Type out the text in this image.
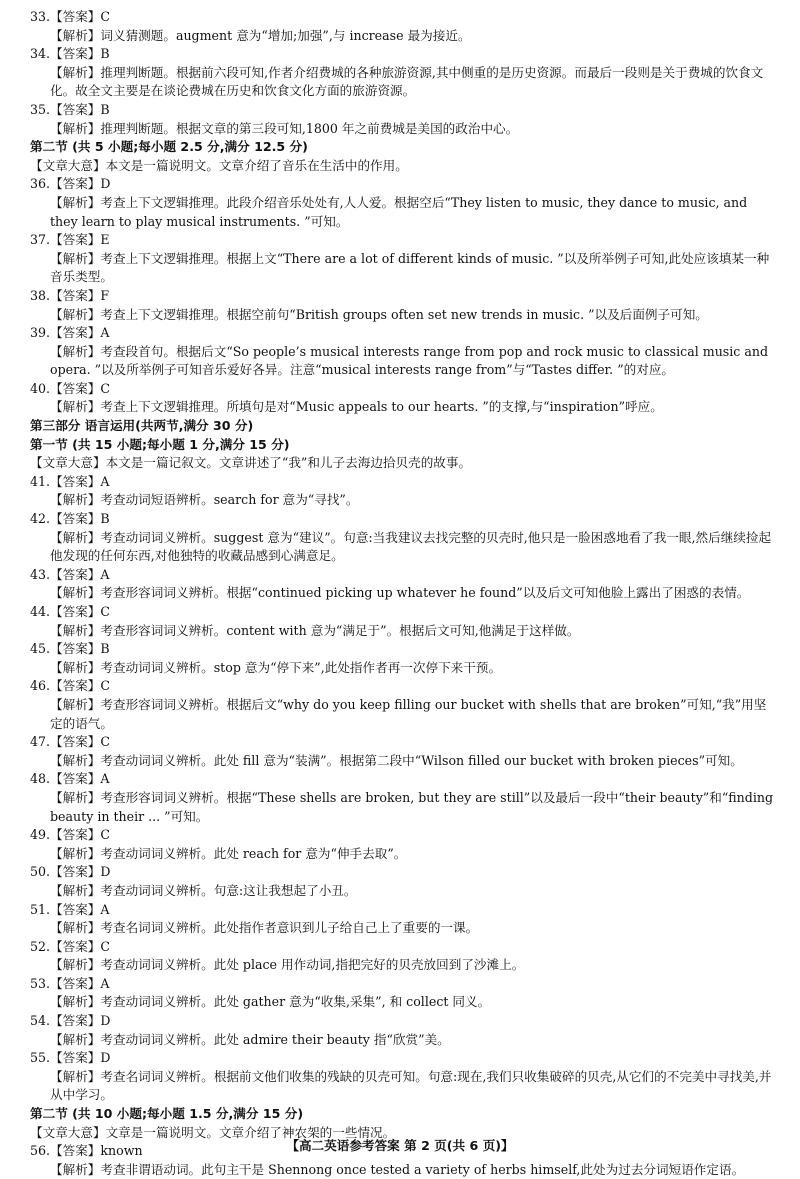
33.【答案】C
【解析】词义猜测题。augment 意为“增加;加强”,与 increase 最为接近。
34.【答案】B
【解析】推理判断题。根据前六段可知,作者介绍费城的各种旅游资源,其中侧重的是历史资源。而最后一段则是关于费城的饮食文化。故全文主要是在谈论费城在历史和饮食文化方面的旅游资源。
35.【答案】B
【解析】推理判断题。根据文章的第三段可知,1800 年之前费城是美国的政治中心。
第二节 (共 5 小题;每小题 2.5 分,满分 12.5 分)
【文章大意】本文是一篇说明文。文章介绍了音乐在生活中的作用。
36.【答案】D
【解析】考查上下文逻辑推理。此段介绍音乐处处有,人人爱。根据空后“They listen to music, they dance to music, and they learn to play musical instruments. ”可知。
37.【答案】E
【解析】考查上下文逻辑推理。根据上文“There are a lot of different kinds of music. ”以及所举例子可知,此处应该填某一种音乐类型。
38.【答案】F
【解析】考查上下文逻辑推理。根据空前句“British groups often set new trends in music. ”以及后面例子可知。
39.【答案】A
【解析】考查段首句。根据后文“So people’s musical interests range from pop and rock music to classical music and opera. ”以及所举例子可知音乐爱好各异。注意“musical interests range from”与“Tastes differ. ”的对应。
40.【答案】C
【解析】考查上下文逻辑推理。所填句是对“Music appeals to our hearts. ”的支撑,与“inspiration”呼应。
第三部分 语言运用(共两节,满分 30 分)
第一节 (共 15 小题;每小题 1 分,满分 15 分)
【文章大意】本文是一篇记叙文。文章讲述了“我”和儿子去海边拾贝壳的故事。
41.【答案】A
【解析】考查动词短语辨析。search for 意为“寻找”。
42.【答案】B
【解析】考查动词词义辨析。suggest 意为“建议”。句意:当我建议去找完整的贝壳时,他只是一脸困惑地看了我一眼,然后继续捡起他发现的任何东西,对他独特的收藏品感到心满意足。
43.【答案】A
【解析】考查形容词词义辨析。根据“continued picking up whatever he found”以及后文可知他脸上露出了困惑的表情。
44.【答案】C
【解析】考查形容词词义辨析。content with 意为“满足于”。根据后文可知,他满足于这样做。
45.【答案】B
【解析】考查动词词义辨析。stop 意为“停下来”,此处指作者再一次停下来干预。
46.【答案】C
【解析】考查形容词词义辨析。根据后文“why do you keep filling our bucket with shells that are broken”可知,“我”用坚定的语气。
47.【答案】C
【解析】考查动词词义辨析。此处 fill 意为“装满”。根据第二段中“Wilson filled our bucket with broken pieces”可知。
48.【答案】A
【解析】考查形容词词义辨析。根据“These shells are broken, but they are still”以及最后一段中“their beauty”和“finding beauty in their ... ”可知。
49.【答案】C
【解析】考查动词词义辨析。此处 reach for 意为“伸手去取”。
50.【答案】D
【解析】考查动词词义辨析。句意:这让我想起了小丑。
51.【答案】A
【解析】考查名词词义辨析。此处指作者意识到儿子给自己上了重要的一课。
52.【答案】C
【解析】考查动词词义辨析。此处 place 用作动词,指把完好的贝壳放回到了沙滩上。
53.【答案】A
【解析】考查动词词义辨析。此处 gather 意为“收集,采集”, 和 collect 同义。
54.【答案】D
【解析】考查动词词义辨析。此处 admire their beauty 指“欣赏”美。
55.【答案】D
【解析】考查名词词义辨析。根据前文他们收集的残缺的贝壳可知。句意:现在,我们只收集破碎的贝壳,从它们的不完美中寻找美,并从中学习。
第二节 (共 10 小题;每小题 1.5 分,满分 15 分)
【文章大意】文章是一篇说明文。文章介绍了神农架的一些情况。
56.【答案】known
【解析】考查非谓语动词。此句主干是 Shennong once tested a variety of herbs himself,此处为过去分词短语作定语。
【高二英语参考答案 第 2 页(共 6 页)】
